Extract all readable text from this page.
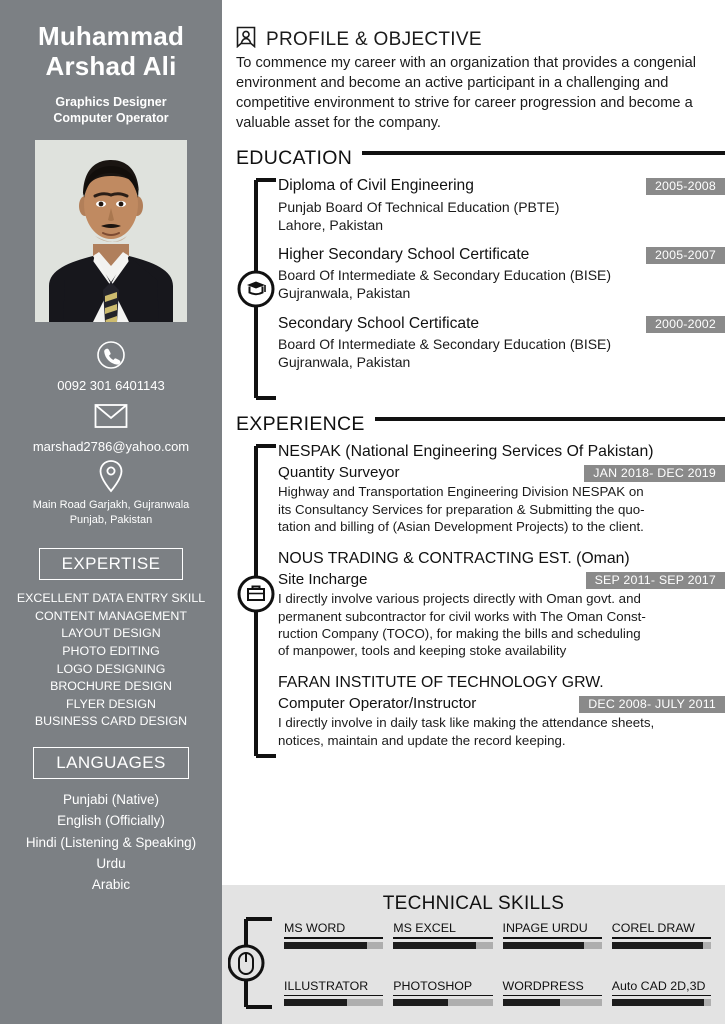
Muhammad
Arshad Ali
Graphics Designer
Computer Operator
0092 301 6401143
marshad2786@yahoo.com
Main Road Garjakh, Gujranwala
Punjab, Pakistan
EXPERTISE
EXCELLENT DATA ENTRY SKILL
CONTENT MANAGEMENT
LAYOUT DESIGN
PHOTO EDITING
LOGO DESIGNING
BROCHURE DESIGN
FLYER DESIGN
BUSINESS CARD DESIGN
LANGUAGES
Punjabi (Native)
English (Officially)
Hindi (Listening & Speaking)
Urdu
Arabic
PROFILE & OBJECTIVE
To commence my career with an organization that provides a congenial environment and become an active participant in a challenging and competitive environment to strive for career progression and become a valuable asset for the company.
EDUCATION
Diploma of Civil Engineering	2005-2008
Punjab Board Of Technical Education (PBTE)
Lahore, Pakistan
Higher Secondary School Certificate	2005-2007
Board Of Intermediate & Secondary Education (BISE)
Gujranwala, Pakistan
Secondary School Certificate	2000-2002
Board Of Intermediate & Secondary Education (BISE)
Gujranwala, Pakistan
EXPERIENCE
NESPAK (National Engineering Services Of Pakistan)
Quantity Surveyor	JAN 2018- DEC 2019
Highway and Transportation Engineering Division NESPAK on
its Consultancy Services for preparation & Submitting the quo-
tation and billing of (Asian Development Projects) to the client.
NOUS TRADING & CONTRACTING EST. (Oman)
Site Incharge	SEP 2011- SEP 2017
I directly involve various projects directly with Oman govt. and
permanent subcontractor for civil works with The Oman Const-
ruction Company (TOCO), for making the bills and scheduling
of manpower, tools and keeping stoke availability
FARAN INSTITUTE OF TECHNOLOGY GRW.
Computer Operator/Instructor	DEC 2008- JULY 2011
I directly involve in daily task like making the attendance sheets,
notices, maintain and update the record keeping.
TECHNICAL SKILLS
MS WORD	MS EXCEL	INPAGE URDU	COREL DRAW
ILLUSTRATOR	PHOTOSHOP	WORDPRESS	Auto CAD 2D,3D
